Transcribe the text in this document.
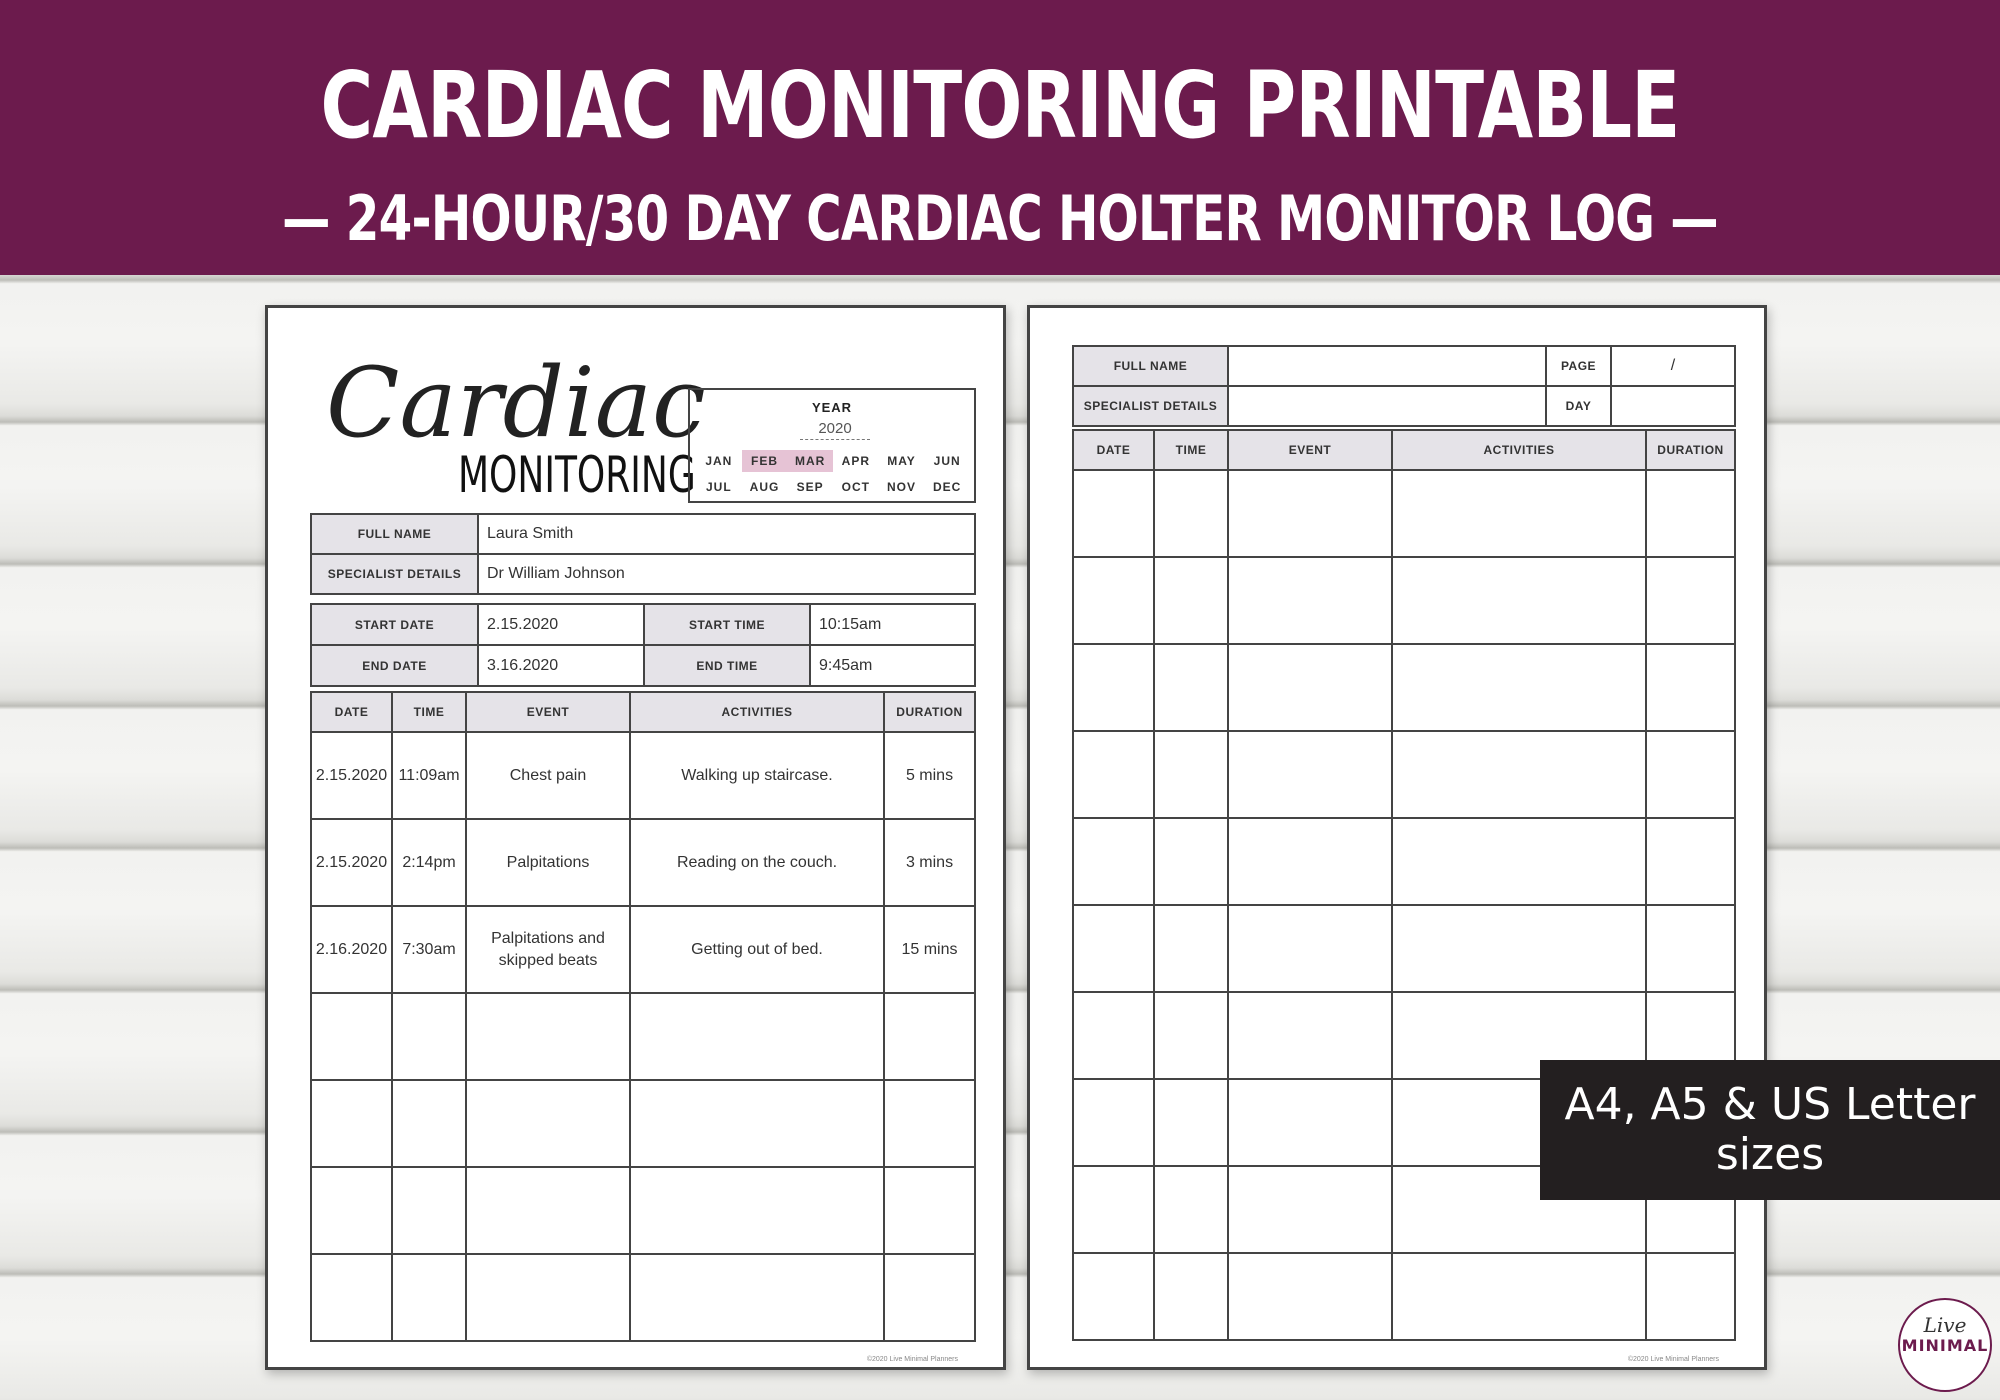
CARDIAC MONITORING PRINTABLE
— 24-HOUR/30 DAY CARDIAC HOLTER MONITOR LOG —
Cardiac
MONITORING
YEAR
2020
JAN	FEB	MAR	APR	MAY	JUN
JUL	AUG	SEP	OCT	NOV	DEC
FULL NAME	Laura Smith
SPECIALIST DETAILS	Dr William Johnson
START DATE	2.15.2020	START TIME	10:15am
END DATE	3.16.2020	END TIME	9:45am
DATE	TIME	EVENT	ACTIVITIES	DURATION
2.15.2020	11:09am	Chest pain	Walking up staircase.	5 mins
2.15.2020	2:14pm	Palpitations	Reading on the couch.	3 mins
2.16.2020	7:30am	Palpitations and skipped beats	Getting out of bed.	15 mins

©2020 Live Minimal Planners
FULL NAME		PAGE	/
SPECIALIST DETAILS		DAY	
DATE	TIME	EVENT	ACTIVITIES	DURATION

©2020 Live Minimal Planners
A4, A5 & US Letter
sizes
Live
MINIMAL
